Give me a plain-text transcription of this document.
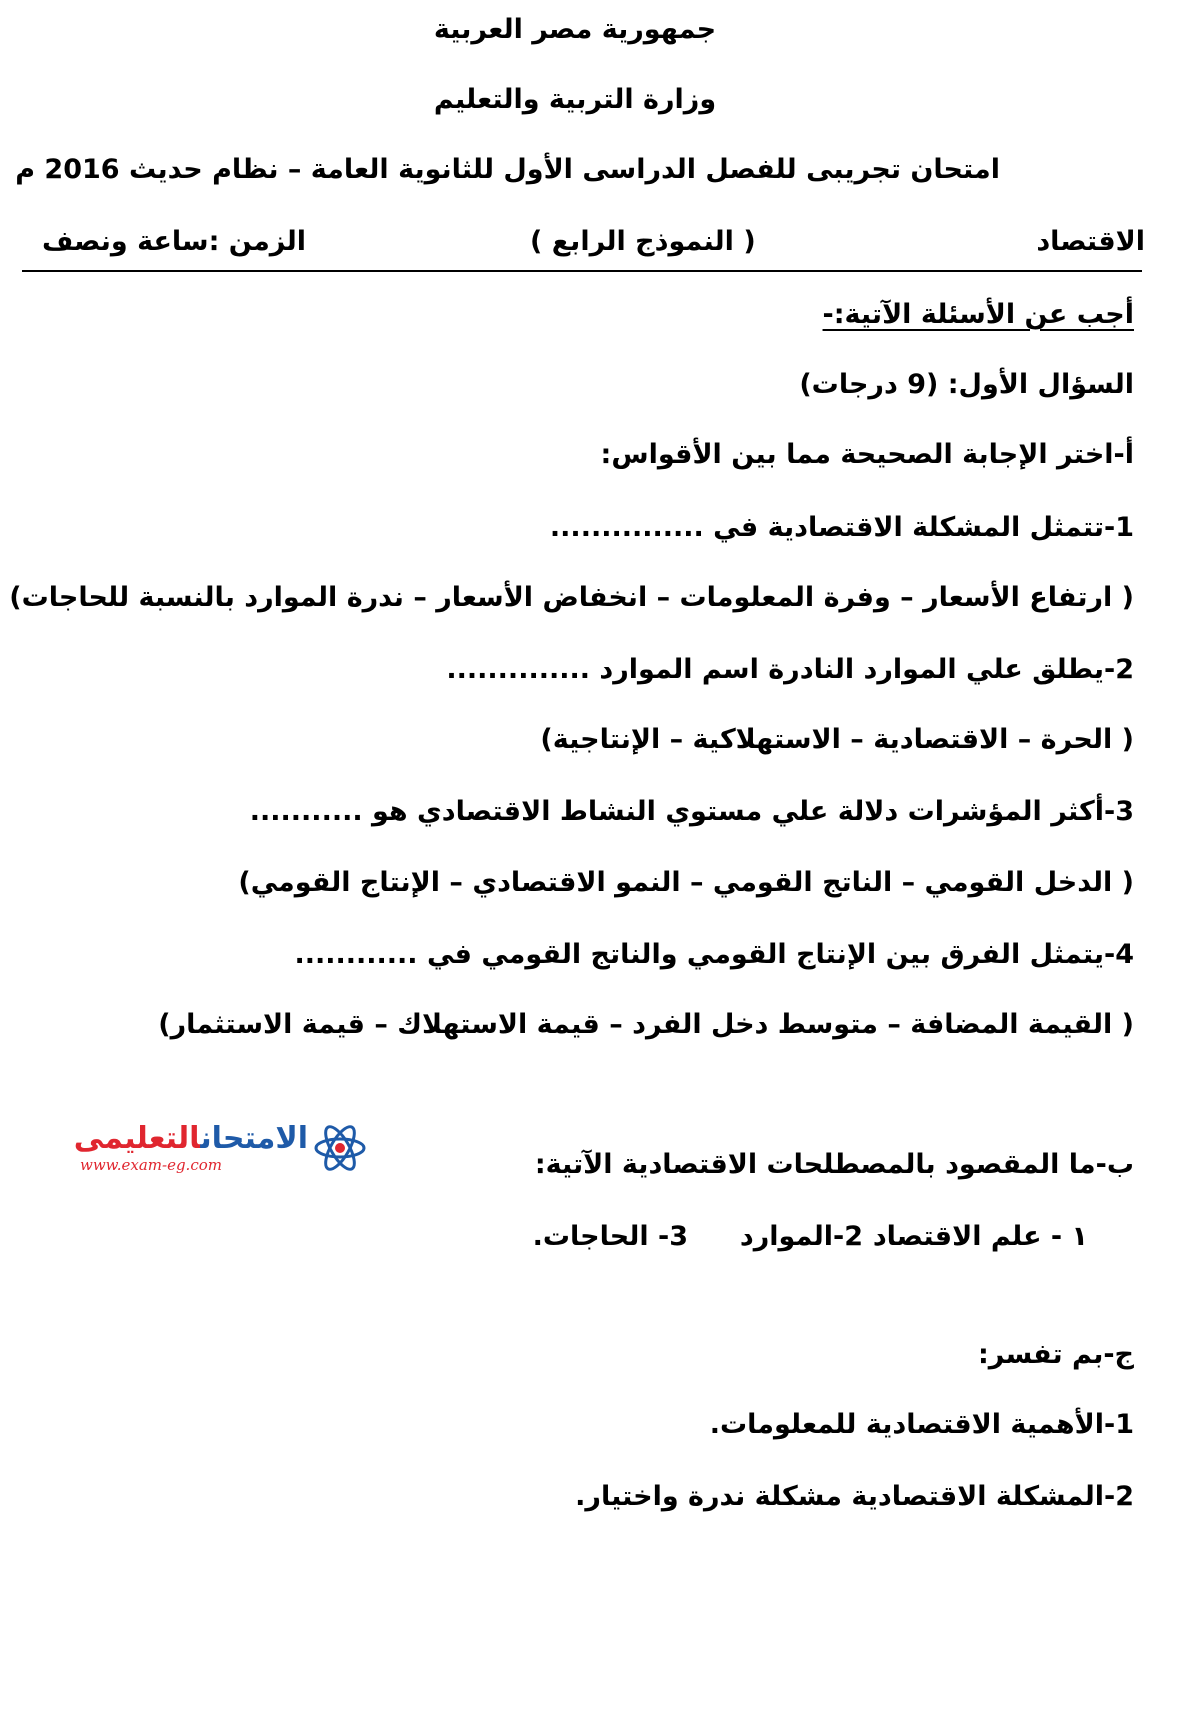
جمهورية مصر العربية
وزارة التربية والتعليم
امتحان تجريبى للفصل الدراسى الأول للثانوية العامة – نظام حديث 2016 م
الاقتصاد
( النموذج الرابع )
الزمن :ساعة ونصف
أجب عن الأسئلة الآتية:-
السؤال الأول: (9 درجات)
أ-اختر الإجابة الصحيحة مما بين الأقواس:
1-تتمثل المشكلة الاقتصادية في ...............
( ارتفاع الأسعار – وفرة المعلومات – انخفاض الأسعار – ندرة الموارد بالنسبة للحاجات)
2-يطلق علي الموارد النادرة اسم الموارد ..............
( الحرة – الاقتصادية – الاستهلاكية – الإنتاجية)
3-أكثر المؤشرات دلالة علي مستوي النشاط الاقتصادي هو ...........
( الدخل القومي – الناتج القومي – النمو الاقتصادي – الإنتاج القومي)
4-يتمثل الفرق بين الإنتاج القومي والناتج القومي في ............
( القيمة المضافة – متوسط دخل الفرد – قيمة الاستهلاك – قيمة الاستثمار)
الامتحانالتعليمى
www.exam-eg.com	ب-ما المقصود بالمصطلحات الاقتصادية الآتية:
١ - علم الاقتصاد
2-الموارد
3- الحاجات.
ج-بم تفسر:
1-الأهمية الاقتصادية للمعلومات.
2-المشكلة الاقتصادية مشكلة ندرة واختيار.
